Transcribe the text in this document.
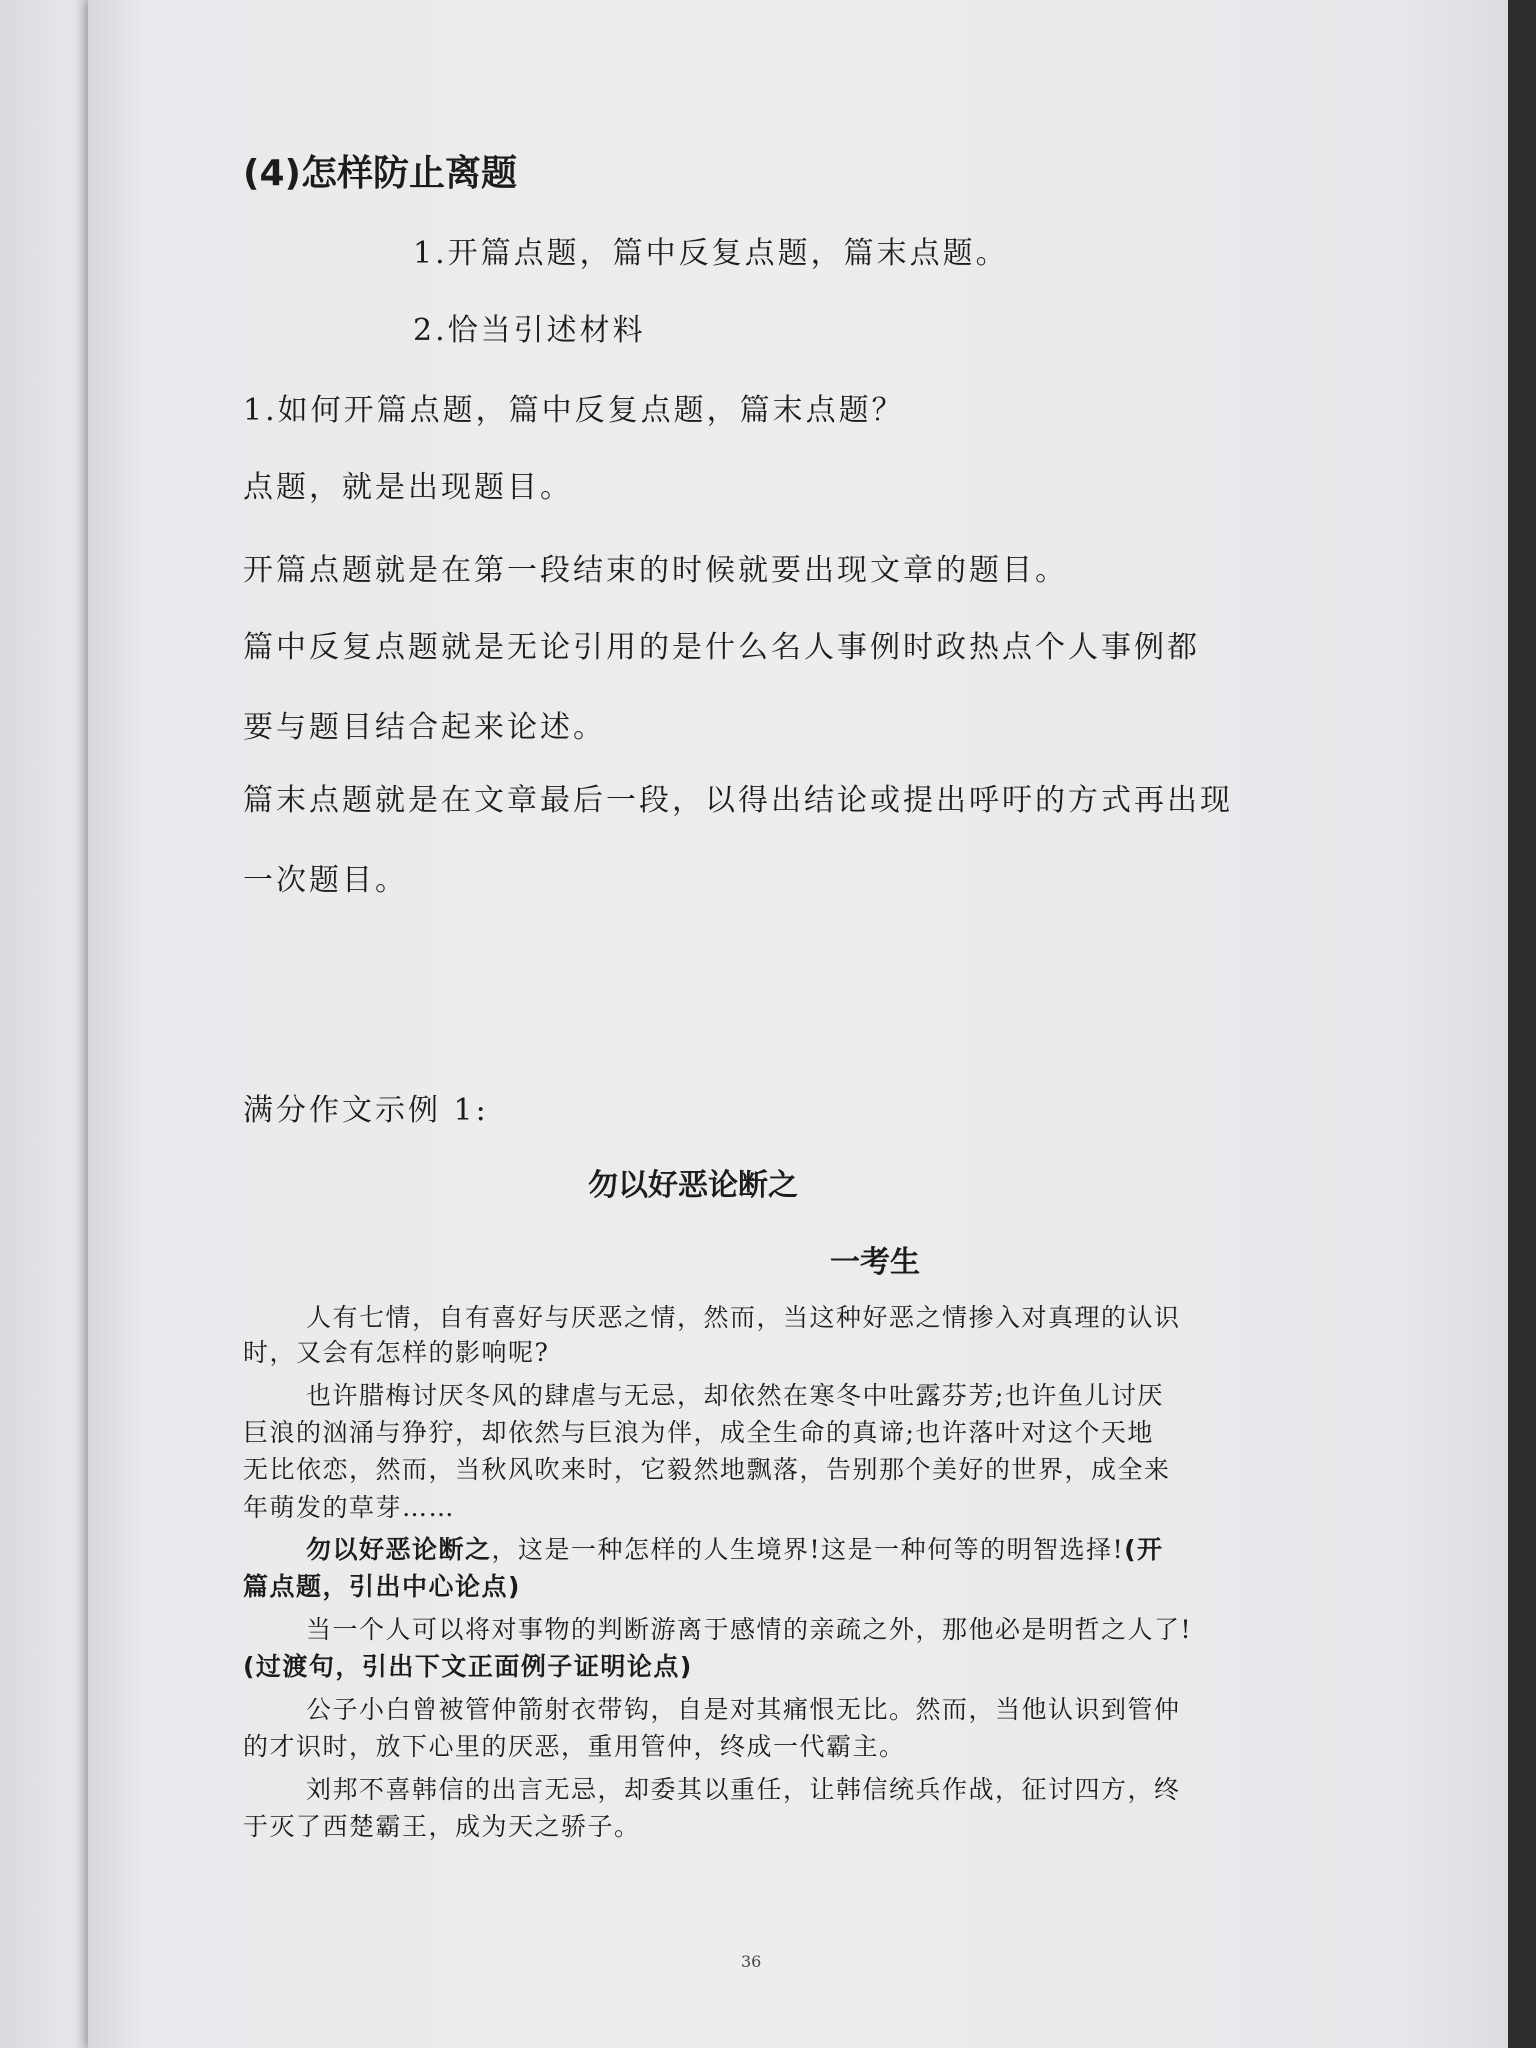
(4)怎样防止离题
1.开篇点题，篇中反复点题，篇末点题。
2.恰当引述材料
1.如何开篇点题，篇中反复点题，篇末点题？
点题，就是出现题目。
开篇点题就是在第一段结束的时候就要出现文章的题目。
篇中反复点题就是无论引用的是什么名人事例时政热点个人事例都
要与题目结合起来论述。
篇末点题就是在文章最后一段，以得出结论或提出呼吁的方式再出现
一次题目。
满分作文示例 1:
勿以好恶论断之
一考生
人有七情，自有喜好与厌恶之情，然而，当这种好恶之情掺入对真理的认识
时，又会有怎样的影响呢?
也许腊梅讨厌冬风的肆虐与无忌，却依然在寒冬中吐露芬芳;也许鱼儿讨厌
巨浪的汹涌与狰狞，却依然与巨浪为伴，成全生命的真谛;也许落叶对这个天地
无比依恋，然而，当秋风吹来时，它毅然地飘落，告别那个美好的世界，成全来
年萌发的草芽……
勿以好恶论断之，这是一种怎样的人生境界!这是一种何等的明智选择!(开
篇点题，引出中心论点)
当一个人可以将对事物的判断游离于感情的亲疏之外，那他必是明哲之人了!
(过渡句，引出下文正面例子证明论点)
公子小白曾被管仲箭射衣带钩，自是对其痛恨无比。然而，当他认识到管仲
的才识时，放下心里的厌恶，重用管仲，终成一代霸主。
刘邦不喜韩信的出言无忌，却委其以重任，让韩信统兵作战，征讨四方，终
于灭了西楚霸王，成为天之骄子。
36
